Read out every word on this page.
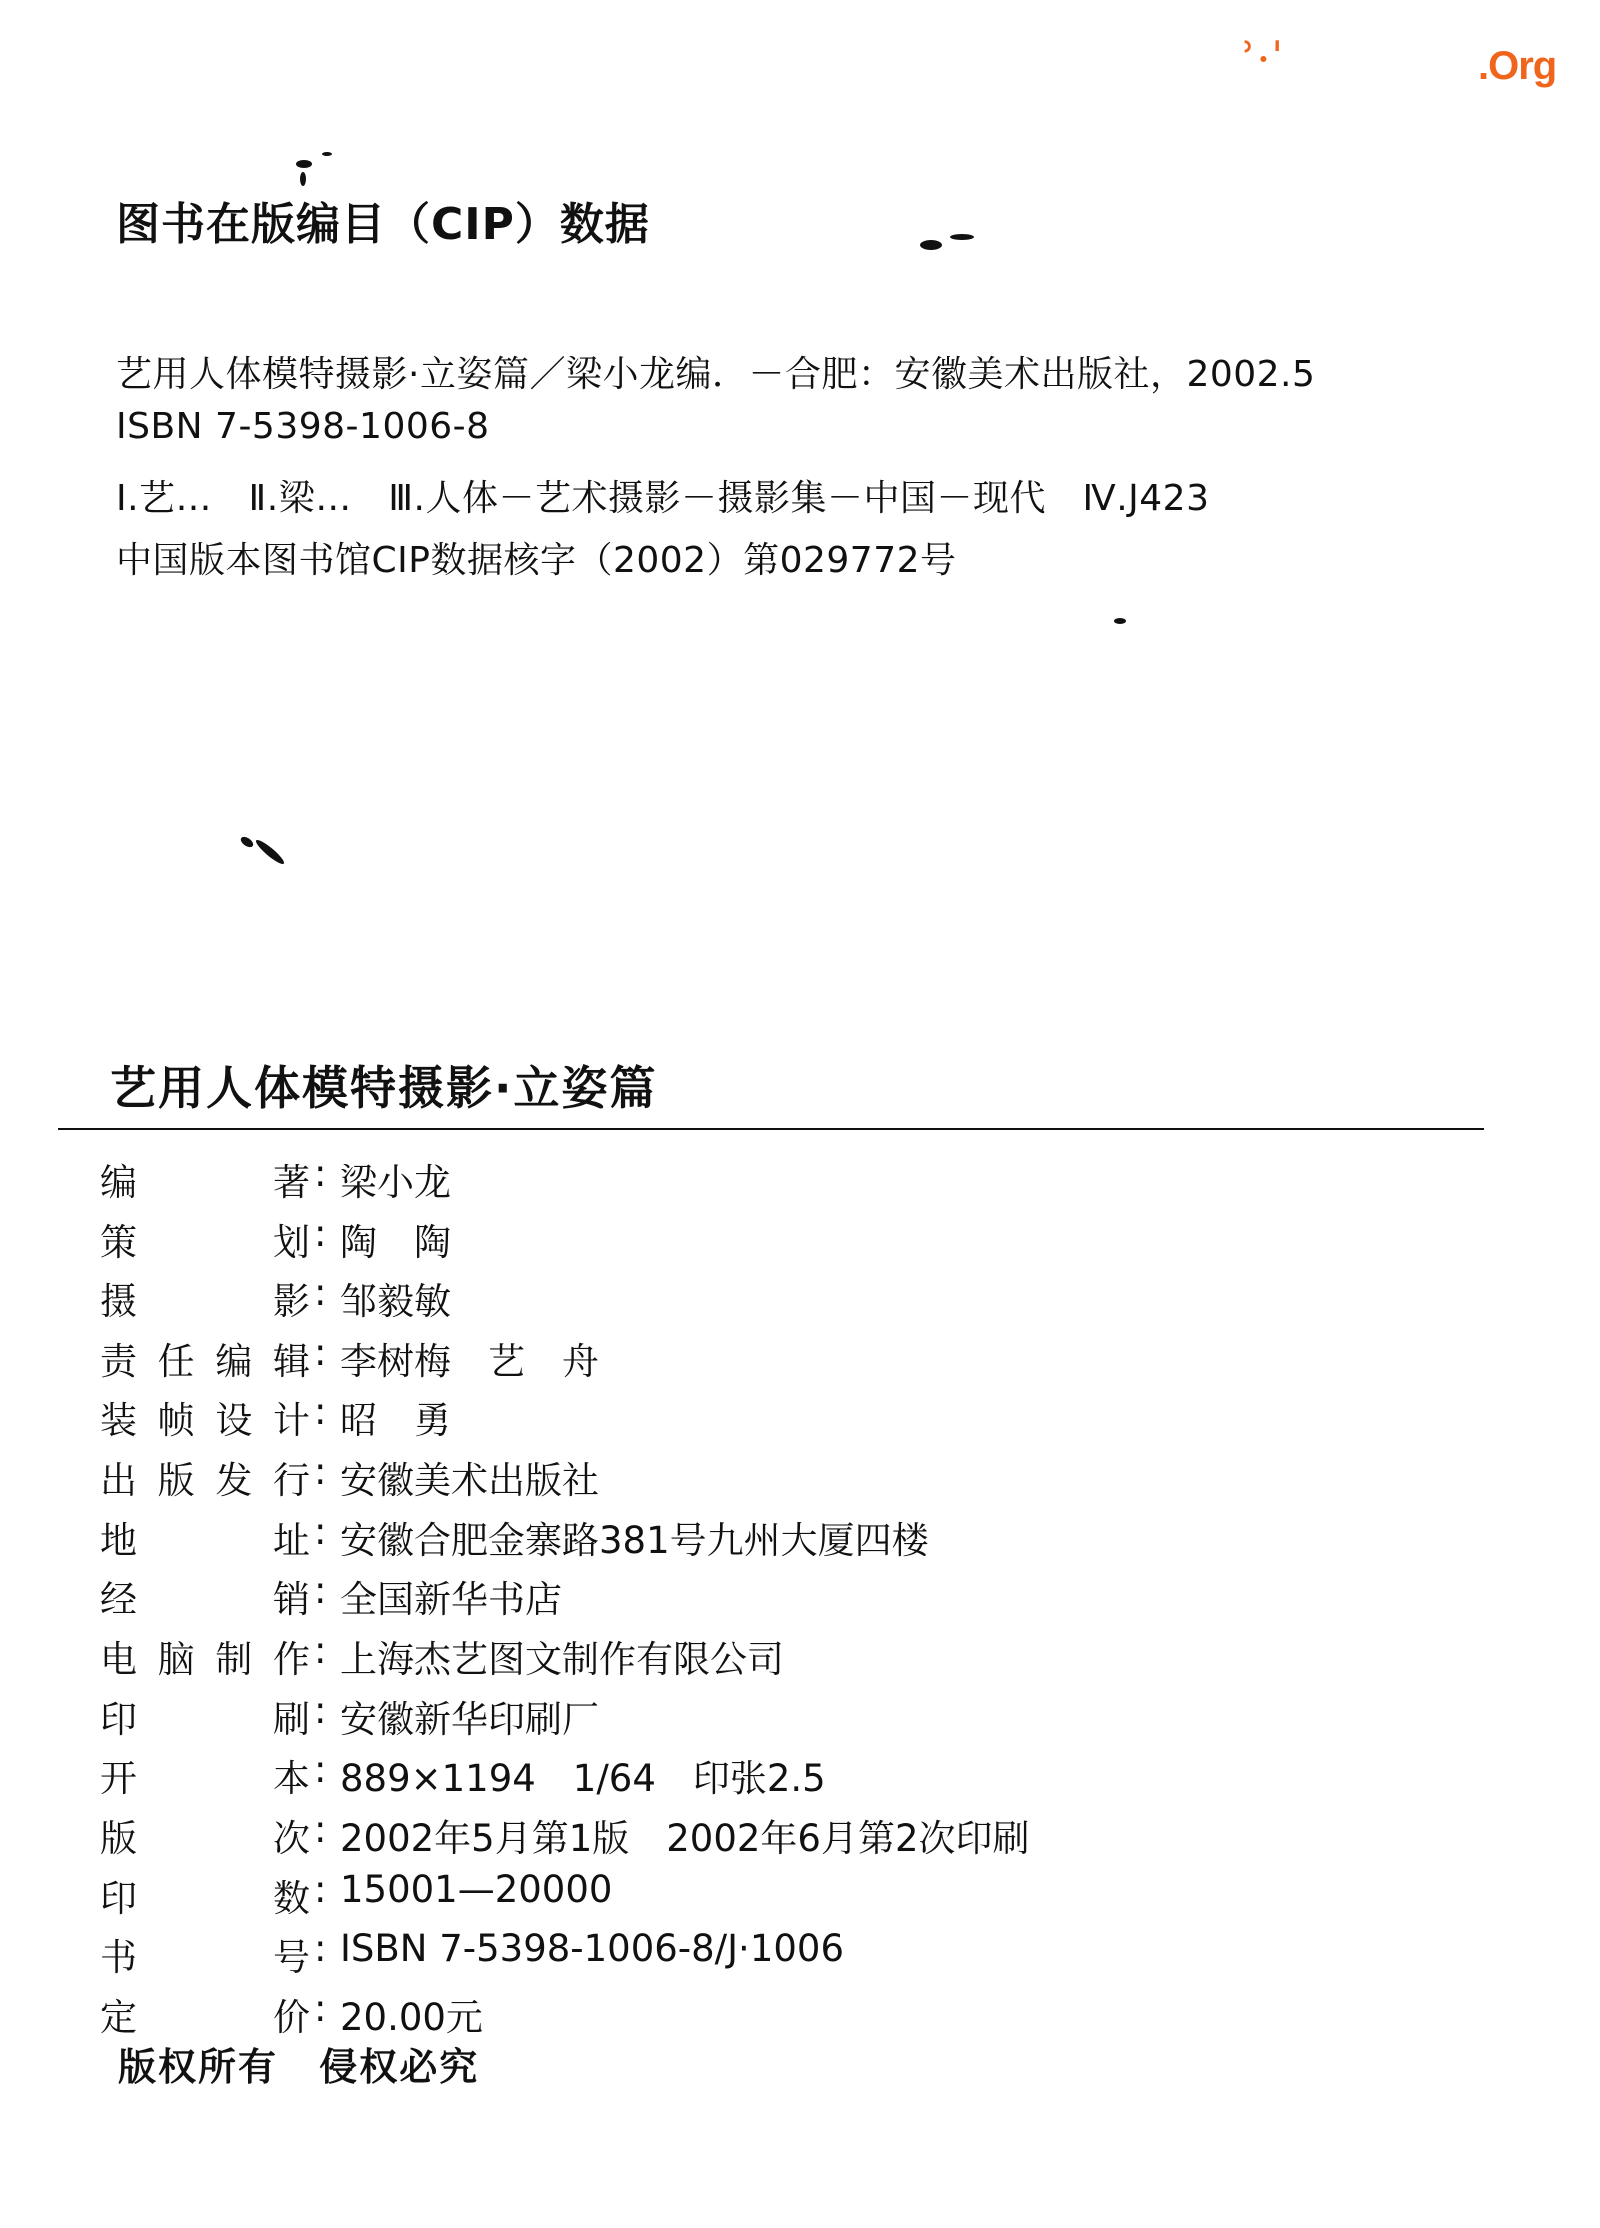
ʾ·ˈ	.Org
图书在版编目（CIP）数据
艺用人体模特摄影·立姿篇／梁小龙编．－合肥：安徽美术出版社，2002.5
ISBN 7-5398-1006-8
Ⅰ.艺…　Ⅱ.梁…　Ⅲ.人体－艺术摄影－摄影集－中国－现代　Ⅳ.J423
中国版本图书馆CIP数据核字（2002）第029772号
艺用人体模特摄影·立姿篇
编著 : 梁小龙
策划 : 陶　陶
摄影 : 邹毅敏
责任编辑 : 李树梅　艺　舟
装帧设计 : 昭　勇
出版发行 : 安徽美术出版社
地址 : 安徽合肥金寨路381号九州大厦四楼
经销 : 全国新华书店
电脑制作 : 上海杰艺图文制作有限公司
印刷 : 安徽新华印刷厂
开本 : 889×1194　1/64　印张2.5
版次 : 2002年5月第1版　2002年6月第2次印刷
印数 : 15001—20000
书号 : ISBN 7-5398-1006-8/J·1006
定价 : 20.00元
版权所有 侵权必究
